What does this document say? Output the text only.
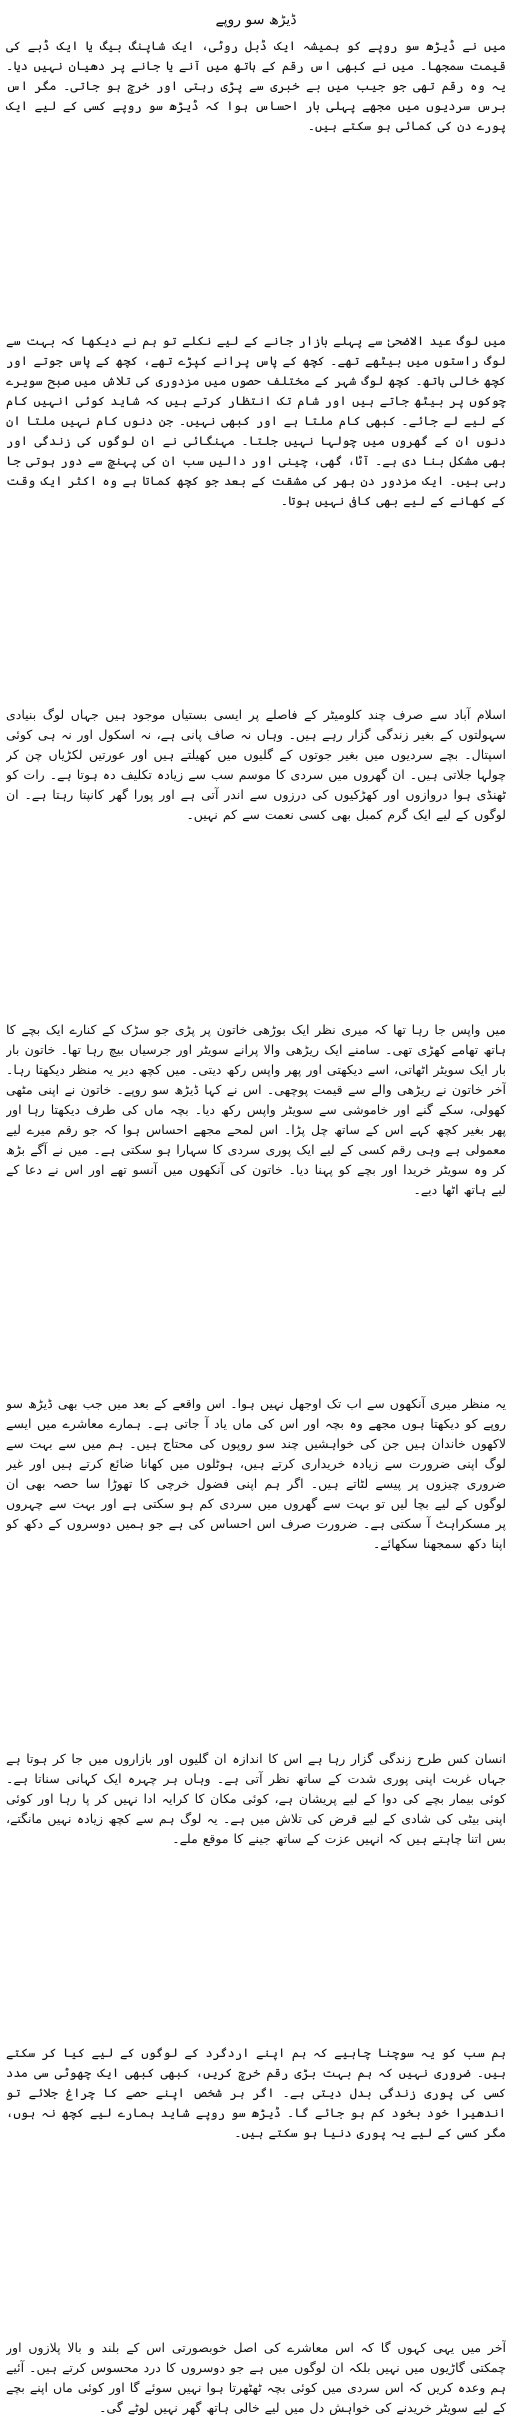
ڈیڑھ سو روپے

میں نے ڈیڑھ سو روپے کو ہمیشہ ایک ڈبل روٹی، ایک شاپنگ بیگ یا ایک ڈبے کی قیمت سمجھا۔ میں نے کبھی اس رقم کے ہاتھ میں آنے یا جانے پر دھیان نہیں دیا۔ یہ وہ رقم تھی جو جیب میں بے خبری سے پڑی رہتی اور خرچ ہو جاتی۔ مگر اس برس سردیوں میں مجھے پہلی بار احساس ہوا کہ ڈیڑھ سو روپے کسی کے لیے ایک پورے دن کی کمائی ہو سکتے ہیں۔

میں لوگ عید الاضحیٰ سے پہلے بازار جانے کے لیے نکلے تو ہم نے دیکھا کہ بہت سے لوگ راستوں میں بیٹھے تھے۔ کچھ کے پاس پرانے کپڑے تھے، کچھ کے پاس جوتے اور کچھ خالی ہاتھ۔ کچھ لوگ شہر کے مختلف حصوں میں مزدوری کی تلاش میں صبح سویرے چوکوں پر بیٹھ جاتے ہیں اور شام تک انتظار کرتے ہیں کہ شاید کوئی انہیں کام کے لیے لے جائے۔ کبھی کام ملتا ہے اور کبھی نہیں۔ جن دنوں کام نہیں ملتا ان دنوں ان کے گھروں میں چولہا نہیں جلتا۔ مہنگائی نے ان لوگوں کی زندگی اور بھی مشکل بنا دی ہے۔ آٹا، گھی، چینی اور دالیں سب ان کی پہنچ سے دور ہوتی جا رہی ہیں۔ ایک مزدور دن بھر کی مشقت کے بعد جو کچھ کماتا ہے وہ اکثر ایک وقت کے کھانے کے لیے بھی کافی نہیں ہوتا۔

اسلام آباد سے صرف چند کلومیٹر کے فاصلے پر ایسی بستیاں موجود ہیں جہاں لوگ بنیادی سہولتوں کے بغیر زندگی گزار رہے ہیں۔ وہاں نہ صاف پانی ہے، نہ اسکول اور نہ ہی کوئی اسپتال۔ بچے سردیوں میں بغیر جوتوں کے گلیوں میں کھیلتے ہیں اور عورتیں لکڑیاں چن کر چولہا جلاتی ہیں۔ ان گھروں میں سردی کا موسم سب سے زیادہ تکلیف دہ ہوتا ہے۔ رات کو ٹھنڈی ہوا دروازوں اور کھڑکیوں کی درزوں سے اندر آتی ہے اور پورا گھر کانپتا رہتا ہے۔ ان لوگوں کے لیے ایک گرم کمبل بھی کسی نعمت سے کم نہیں۔

میں واپس جا رہا تھا کہ میری نظر ایک بوڑھی خاتون پر پڑی جو سڑک کے کنارے ایک بچے کا ہاتھ تھامے کھڑی تھی۔ سامنے ایک ریڑھی والا پرانے سویٹر اور جرسیاں بیچ رہا تھا۔ خاتون بار بار ایک سویٹر اٹھاتی، اسے دیکھتی اور پھر واپس رکھ دیتی۔ میں کچھ دیر یہ منظر دیکھتا رہا۔ آخر خاتون نے ریڑھی والے سے قیمت پوچھی۔ اس نے کہا ڈیڑھ سو روپے۔ خاتون نے اپنی مٹھی کھولی، سکے گنے اور خاموشی سے سویٹر واپس رکھ دیا۔ بچہ ماں کی طرف دیکھتا رہا اور پھر بغیر کچھ کہے اس کے ساتھ چل پڑا۔ اس لمحے مجھے احساس ہوا کہ جو رقم میرے لیے معمولی ہے وہی رقم کسی کے لیے ایک پوری سردی کا سہارا ہو سکتی ہے۔ میں نے آگے بڑھ کر وہ سویٹر خریدا اور بچے کو پہنا دیا۔ خاتون کی آنکھوں میں آنسو تھے اور اس نے دعا کے لیے ہاتھ اٹھا دیے۔

یہ منظر میری آنکھوں سے اب تک اوجھل نہیں ہوا۔ اس واقعے کے بعد میں جب بھی ڈیڑھ سو روپے کو دیکھتا ہوں مجھے وہ بچہ اور اس کی ماں یاد آ جاتی ہے۔ ہمارے معاشرے میں ایسے لاکھوں خاندان ہیں جن کی خواہشیں چند سو روپوں کی محتاج ہیں۔ ہم میں سے بہت سے لوگ اپنی ضرورت سے زیادہ خریداری کرتے ہیں، ہوٹلوں میں کھانا ضائع کرتے ہیں اور غیر ضروری چیزوں پر پیسے لٹاتے ہیں۔ اگر ہم اپنی فضول خرچی کا تھوڑا سا حصہ بھی ان لوگوں کے لیے بچا لیں تو بہت سے گھروں میں سردی کم ہو سکتی ہے اور بہت سے چہروں پر مسکراہٹ آ سکتی ہے۔ ضرورت صرف اس احساس کی ہے جو ہمیں دوسروں کے دکھ کو اپنا دکھ سمجھنا سکھائے۔

انسان کس طرح زندگی گزار رہا ہے اس کا اندازہ ان گلیوں اور بازاروں میں جا کر ہوتا ہے جہاں غربت اپنی پوری شدت کے ساتھ نظر آتی ہے۔ وہاں ہر چہرہ ایک کہانی سناتا ہے۔ کوئی بیمار بچے کی دوا کے لیے پریشان ہے، کوئی مکان کا کرایہ ادا نہیں کر پا رہا اور کوئی اپنی بیٹی کی شادی کے لیے قرض کی تلاش میں ہے۔ یہ لوگ ہم سے کچھ زیادہ نہیں مانگتے، بس اتنا چاہتے ہیں کہ انہیں عزت کے ساتھ جینے کا موقع ملے۔

ہم سب کو یہ سوچنا چاہیے کہ ہم اپنے اردگرد کے لوگوں کے لیے کیا کر سکتے ہیں۔ ضروری نہیں کہ ہم بہت بڑی رقم خرچ کریں، کبھی کبھی ایک چھوٹی سی مدد کسی کی پوری زندگی بدل دیتی ہے۔ اگر ہر شخص اپنے حصے کا چراغ جلائے تو اندھیرا خود بخود کم ہو جائے گا۔ ڈیڑھ سو روپے شاید ہمارے لیے کچھ نہ ہوں، مگر کسی کے لیے یہ پوری دنیا ہو سکتے ہیں۔

آخر میں یہی کہوں گا کہ اس معاشرے کی اصل خوبصورتی اس کے بلند و بالا پلازوں اور چمکتی گاڑیوں میں نہیں بلکہ ان لوگوں میں ہے جو دوسروں کا درد محسوس کرتے ہیں۔ آئیے ہم وعدہ کریں کہ اس سردی میں کوئی بچہ ٹھٹھرتا ہوا نہیں سوئے گا اور کوئی ماں اپنے بچے کے لیے سویٹر خریدنے کی خواہش دل میں لیے خالی ہاتھ گھر نہیں لوٹے گی۔
